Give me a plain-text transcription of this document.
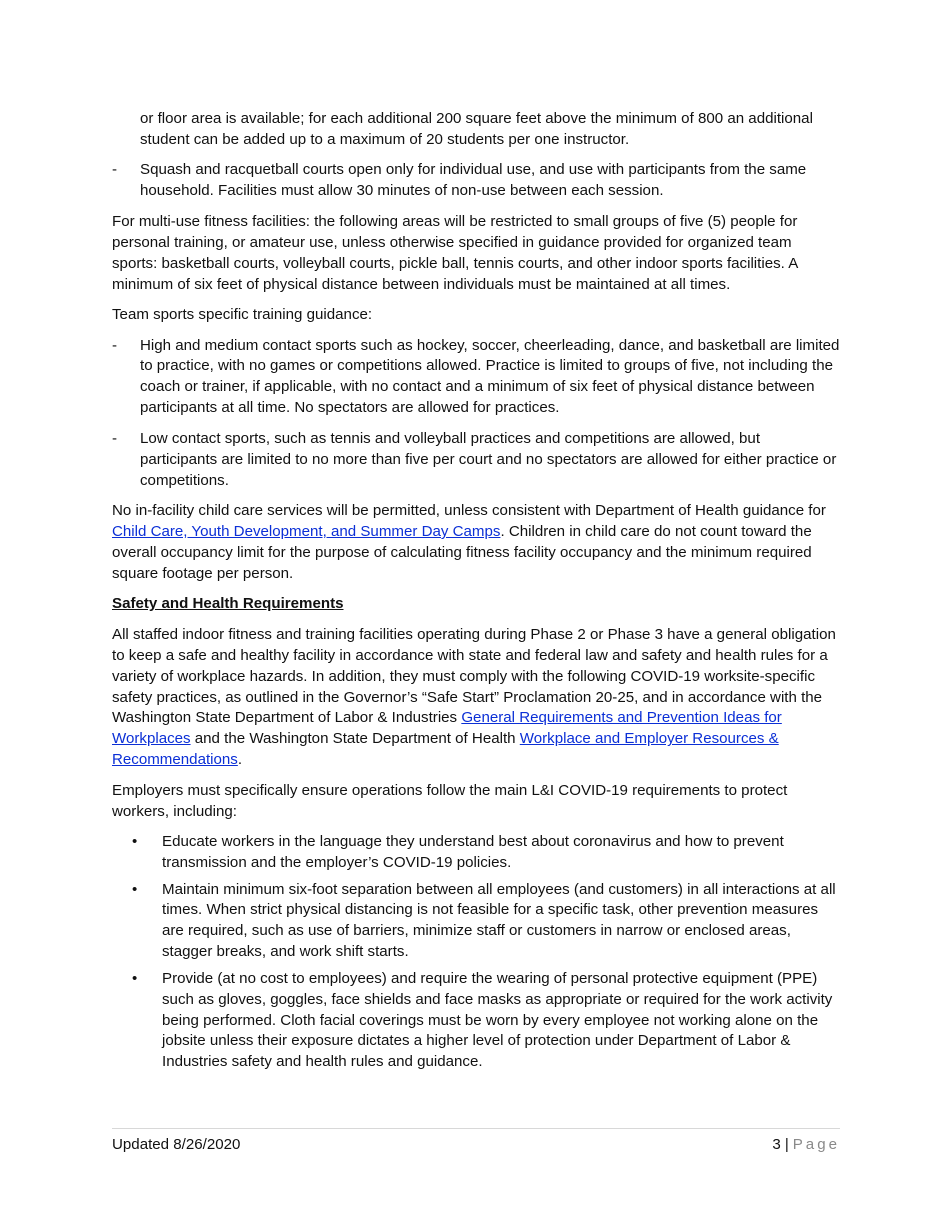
or floor area is available; for each additional 200 square feet above the minimum of 800 an additional student can be added up to a maximum of 20 students per one instructor.

- Squash and racquetball courts open only for individual use, and use with participants from the same household. Facilities must allow 30 minutes of non-use between each session.

For multi-use fitness facilities: the following areas will be restricted to small groups of five (5) people for personal training, or amateur use, unless otherwise specified in guidance provided for organized team sports: basketball courts, volleyball courts, pickle ball, tennis courts, and other indoor sports facilities. A minimum of six feet of physical distance between individuals must be maintained at all times.

Team sports specific training guidance:

- High and medium contact sports such as hockey, soccer, cheerleading, dance, and basketball are limited to practice, with no games or competitions allowed. Practice is limited to groups of five, not including the coach or trainer, if applicable, with no contact and a minimum of six feet of physical distance between participants at all time. No spectators are allowed for practices.
- Low contact sports, such as tennis and volleyball practices and competitions are allowed, but participants are limited to no more than five per court and no spectators are allowed for either practice or competitions.

No in-facility child care services will be permitted, unless consistent with Department of Health guidance for Child Care, Youth Development, and Summer Day Camps. Children in child care do not count toward the overall occupancy limit for the purpose of calculating fitness facility occupancy and the minimum required square footage per person.

Safety and Health Requirements

All staffed indoor fitness and training facilities operating during Phase 2 or Phase 3 have a general obligation to keep a safe and healthy facility in accordance with state and federal law and safety and health rules for a variety of workplace hazards. In addition, they must comply with the following COVID-19 worksite-specific safety practices, as outlined in the Governor’s “Safe Start” Proclamation 20-25, and in accordance with the Washington State Department of Labor & Industries General Requirements and Prevention Ideas for Workplaces and the Washington State Department of Health Workplace and Employer Resources & Recommendations.

Employers must specifically ensure operations follow the main L&I COVID-19 requirements to protect workers, including:

• Educate workers in the language they understand best about coronavirus and how to prevent transmission and the employer’s COVID-19 policies.
• Maintain minimum six-foot separation between all employees (and customers) in all interactions at all times. When strict physical distancing is not feasible for a specific task, other prevention measures are required, such as use of barriers, minimize staff or customers in narrow or enclosed areas, stagger breaks, and work shift starts.
• Provide (at no cost to employees) and require the wearing of personal protective equipment (PPE) such as gloves, goggles, face shields and face masks as appropriate or required for the work activity being performed. Cloth facial coverings must be worn by every employee not working alone on the jobsite unless their exposure dictates a higher level of protection under Department of Labor & Industries safety and health rules and guidance.
Updated 8/26/2020	3 | Page
